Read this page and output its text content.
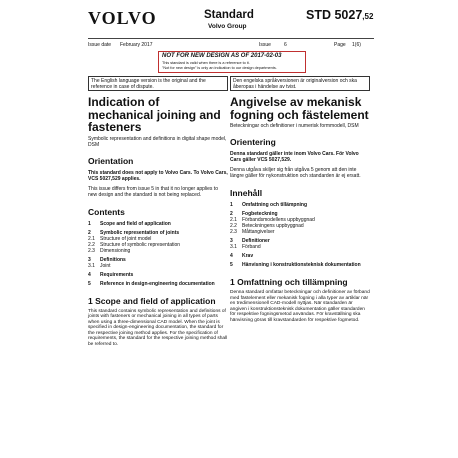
VOLVO	Standard
Volvo Group
STD 5027,52
Issue date February 2017	Issue	6	Page 1(6)
NOT FOR NEW DESIGN AS OF 2017-02-03
This standard is valid when there is a reference to it.
"Not for new design" is only an indication to our design departments.
The English language version is the original and the reference in case of dispute.
Den engelska språkversionen är originalversion och ska åberopas i händelse av tvist.
Indication of mechanical joining and fasteners
Symbolic representation and definitions in digital shape model, DSM
Orientation
This standard does not apply to Volvo Cars. To Volvo Cars, VCS 5027,529 applies.
This issue differs from issue 5 in that it no longer applies to new design and the standard is not being replaced.
Contents
1	Scope and field of application
2	Symbolic representation of joints
2.1	Structure of joint model
2.2	Structure of symbolic representation
2.3	Dimensioning
3	Definitions
3.1	Joint
4	Requirements
5	Reference in design-engineering documentation
1 Scope and field of application
This standard contains symbolic representation and definitions of joints with fasteners or mechanical joining in all types of parts when using a three-dimensional CAD model. When the joint is specified in design-engineering documentation, the standard for the respective joining method applies. For the specification of requirements, the standard for the respective joining method shall be referred to.
Angivelse av mekanisk fogning och fästelement
Beteckningar och definitioner i numerisk formmodell, DSM
Orientering
Denna standard gäller inte inom Volvo Cars. För Volvo Cars gäller VCS 5027,529.
Denna utgåva skiljer sig från utgåva 5 genom att den inte längre gäller för nykonstruktion och standarden är ej ersatt.
Innehåll
1	Omfattning och tillämpning
2	Fogbeteckning
2.1	Förbandsmodellens uppbyggnad
2.2	Beteckningens uppbyggnad
2.3	Måttangivelser
3	Definitioner
3.1	Förband
4	Krav
5	Hänvisning i konstruktionsteknisk dokumentation
1 Omfattning och tillämpning
Denna standard omfattar beteckningar och definitioner av förband med fästelement eller mekanisk fogning i alla typer av artiklar när en tredimensionell CAD-modell nyttjas. När standarden är angiven i konstruktionsteknisk dokumentation gäller standarden för respektive fogningsmetod användas. För kravställning ska hänvisning göras till kravstandarden för respektive fogmetod.
